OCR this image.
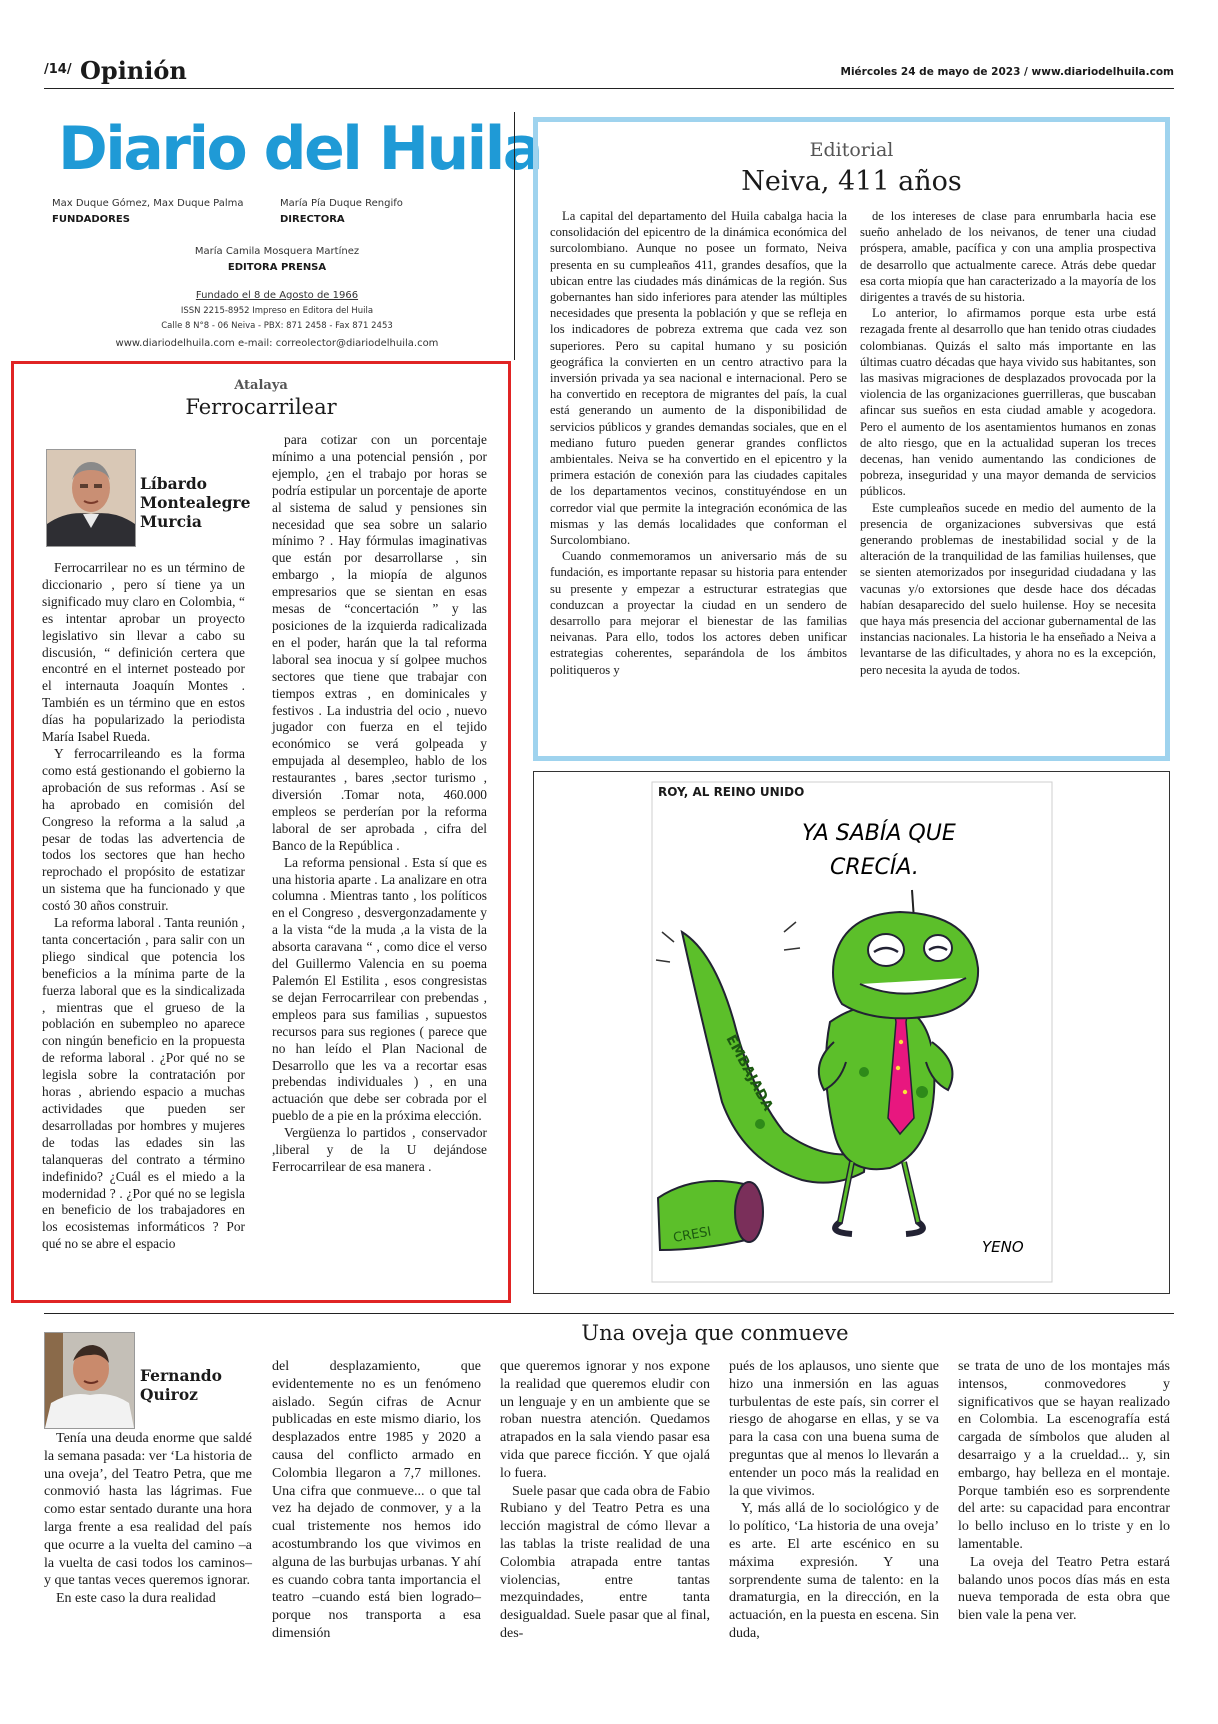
/14/ Opinión	Miércoles 24 de mayo de 2023 / www.diariodelhuila.com
Diario del Huila
Max Duque Gómez, Max Duque Palma
FUNDADORES
María Pía Duque Rengifo
DIRECTORA
María Camila Mosquera Martínez
EDITORA PRENSA
Fundado el 8 de Agosto de 1966
ISSN 2215-8952 Impreso en Editora del Huila
Calle 8 N°8 - 06 Neiva - PBX: 871 2458 - Fax 871 2453
www.diariodelhuila.com e-mail: correolector@diariodelhuila.com
Editorial
Neiva, 411 años

La capital del departamento del Huila cabalga hacia la consolidación del epicentro de la dinámica económica del surcolombiano. Aunque no posee un formato, Neiva presenta en su cumpleaños 411, grandes desafíos, que la ubican entre las ciudades más dinámicas de la región. Sus gobernantes han sido inferiores para atender las múltiples necesidades que presenta la población y que se refleja en los indicadores de pobreza extrema que cada vez son superiores. Pero su capital humano y su posición geográfica la convierten en un centro atractivo para la inversión privada ya sea nacional e internacional. Pero se ha convertido en receptora de migrantes del país, la cual está generando un aumento de la disponibilidad de servicios públicos y grandes demandas sociales, que en el mediano futuro pueden generar grandes conflictos ambientales. Neiva se ha convertido en el epicentro y la primera estación de conexión para las ciudades capitales de los departamentos vecinos, constituyéndose en un corredor vial que permite la integración económica de las mismas y las demás localidades que conforman el Surcolombiano.

Cuando conmemoramos un aniversario más de su fundación, es importante repasar su historia para entender su presente y empezar a estructurar estrategias que conduzcan a proyectar la ciudad en un sendero de desarrollo para mejorar el bienestar de las familias neivanas. Para ello, todos los actores deben unificar estrategias coherentes, separándola de los ámbitos politiqueros y

de los intereses de clase para enrumbarla hacia ese sueño anhelado de los neivanos, de tener una ciudad próspera, amable, pacífica y con una amplia prospectiva de desarrollo que actualmente carece. Atrás debe quedar esa corta miopía que han caracterizado a la mayoría de los dirigentes a través de su historia.

Lo anterior, lo afirmamos porque esta urbe está rezagada frente al desarrollo que han tenido otras ciudades colombianas. Quizás el salto más importante en las últimas cuatro décadas que haya vivido sus habitantes, son las masivas migraciones de desplazados provocada por la violencia de las organizaciones guerrilleras, que buscaban afincar sus sueños en esta ciudad amable y acogedora. Pero el aumento de los asentamientos humanos en zonas de alto riesgo, que en la actualidad superan los treces decenas, han venido aumentando las condiciones de pobreza, inseguridad y una mayor demanda de servicios públicos.

Este cumpleaños sucede en medio del aumento de la presencia de organizaciones subversivas que está generando problemas de inestabilidad social y de la alteración de la tranquilidad de las familias huilenses, que se sienten atemorizados por inseguridad ciudadana y las vacunas y/o extorsiones que desde hace dos décadas habían desaparecido del suelo huilense. Hoy se necesita que haya más presencia del accionar gubernamental de las instancias nacionales. La historia le ha enseñado a Neiva a levantarse de las dificultades, y ahora no es la excepción, pero necesita la ayuda de todos.

Atalaya
Ferrocarrilear
Líbardo Montealegre Murcia

Ferrocarrilear no es un término de diccionario , pero sí tiene ya un significado muy claro en Colombia, “ es intentar aprobar un proyecto legislativo sin llevar a cabo su discusión, “ definición certera que encontré en el internet posteado por el internauta Joaquín Montes . También es un término que en estos días ha popularizado la periodista María Isabel Rueda.

Y ferrocarrileando es la forma como está gestionando el gobierno la aprobación de sus reformas . Así se ha aprobado en comisión del Congreso la reforma a la salud ,a pesar de todas las advertencia de todos los sectores que han hecho reprochado el propósito de estatizar un sistema que ha funcionado y que costó 30 años construir.

La reforma laboral . Tanta reunión , tanta concertación , para salir con un pliego sindical que potencia los beneficios a la mínima parte de la fuerza laboral que es la sindicalizada , mientras que el grueso de la población en subempleo no aparece con ningún beneficio en la propuesta de reforma laboral . ¿Por qué no se legisla sobre la contratación por horas , abriendo espacio a muchas actividades que pueden ser desarrolladas por hombres y mujeres de todas las edades sin las talanqueras del contrato a término indefinido? ¿Cuál es el miedo a la modernidad ? . ¿Por qué no se legisla en beneficio de los trabajadores en los ecosistemas informáticos ? Por qué no se abre el espacio

para cotizar con un porcentaje mínimo a una potencial pensión , por ejemplo, ¿en el trabajo por horas se podría estipular un porcentaje de aporte al sistema de salud y pensiones sin necesidad que sea sobre un salario mínimo ? . Hay fórmulas imaginativas que están por desarrollarse , sin embargo , la miopía de algunos empresarios que se sientan en esas mesas de “concertación ” y las posiciones de la izquierda radicalizada en el poder, harán que la tal reforma laboral sea inocua y sí golpee muchos sectores que tiene que trabajar con tiempos extras , en dominicales y festivos . La industria del ocio , nuevo jugador con fuerza en el tejido económico se verá golpeada y empujada al desempleo, hablo de los restaurantes , bares ,sector turismo , diversión .Tomar nota, 460.000 empleos se perderían por la reforma laboral de ser aprobada , cifra del Banco de la República .

La reforma pensional . Esta sí que es una historia aparte . La analizare en otra columna . Mientras tanto , los políticos en el Congreso , desvergonzadamente y a la vista “de la muda ,a la vista de la absorta caravana “ , como dice el verso del Guillermo Valencia en su poema Palemón El Estilita , esos congresistas se dejan Ferrocarrilear con prebendas , empleos para sus familias , supuestos recursos para sus regiones ( parece que no han leído el Plan Nacional de Desarrollo que les va a recortar esas prebendas individuales ) , en una actuación que debe ser cobrada por el pueblo de a pie en la próxima elección.

Vergüenza lo partidos , conservador ,liberal y de la U dejándose Ferrocarrilear de esa manera .

ROY, AL REINO UNIDO
YA SABÍA QUE
CRECÍA.
CRESI
EMBAJADA
YENO
Una oveja que conmueve
Fernando Quiroz

Tenía una deuda enorme que saldé la semana pasada: ver ‘La historia de una oveja’, del Teatro Petra, que me conmovió hasta las lágrimas. Fue como estar sentado durante una hora larga frente a esa realidad del país que ocurre a la vuelta del camino –a la vuelta de casi todos los caminos– y que tantas veces queremos ignorar.

En este caso la dura realidad

del desplazamiento, que evidentemente no es un fenómeno aislado. Según cifras de Acnur publicadas en este mismo diario, los desplazados entre 1985 y 2020 a causa del conflicto armado en Colombia llegaron a 7,7 millones. Una cifra que conmueve... o que tal vez ha dejado de conmover, y a la cual tristemente nos hemos ido acostumbrando los que vivimos en alguna de las burbujas urbanas. Y ahí es cuando cobra tanta importancia el teatro –cuando está bien logrado– porque nos transporta a esa dimensión

que queremos ignorar y nos expone la realidad que queremos eludir con un lenguaje y en un ambiente que se roban nuestra atención. Quedamos atrapados en la sala viendo pasar esa vida que parece ficción. Y que ojalá lo fuera.

Suele pasar que cada obra de Fabio Rubiano y del Teatro Petra es una lección magistral de cómo llevar a las tablas la triste realidad de una Colombia atrapada entre tantas violencias, entre tantas mezquindades, entre tanta desigualdad. Suele pasar que al final, des-

pués de los aplausos, uno siente que hizo una inmersión en las aguas turbulentas de este país, sin correr el riesgo de ahogarse en ellas, y se va para la casa con una buena suma de preguntas que al menos lo llevarán a entender un poco más la realidad en la que vivimos.

Y, más allá de lo sociológico y de lo político, ‘La historia de una oveja’ es arte. El arte escénico en su máxima expresión. Y una sorprendente suma de talento: en la dramaturgia, en la dirección, en la actuación, en la puesta en escena. Sin duda,

se trata de uno de los montajes más intensos, conmovedores y significativos que se hayan realizado en Colombia. La escenografía está cargada de símbolos que aluden al desarraigo y a la crueldad... y, sin embargo, hay belleza en el montaje. Porque también eso es sorprendente del arte: su capacidad para encontrar lo bello incluso en lo triste y en lo lamentable.

La oveja del Teatro Petra estará balando unos pocos días más en esta nueva temporada de esta obra que bien vale la pena ver.
